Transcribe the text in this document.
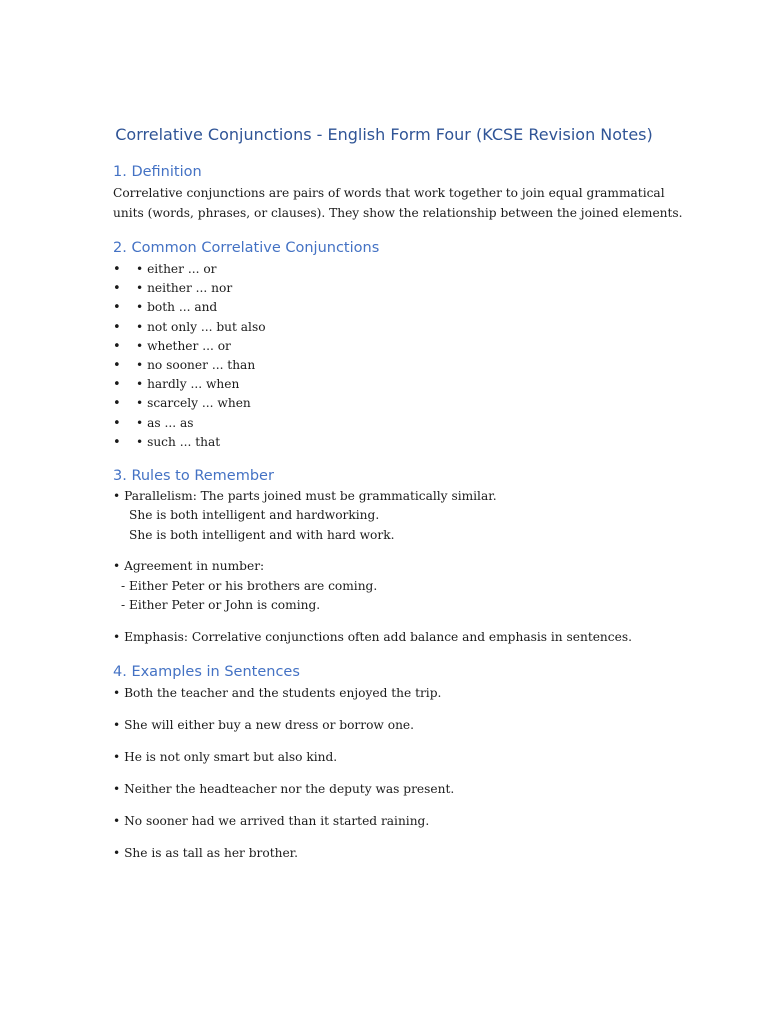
Correlative Conjunctions - English Form Four (KCSE Revision Notes)
1. Definition
Correlative conjunctions are pairs of words that work together to join equal grammatical
units (words, phrases, or clauses). They show the relationship between the joined elements.
2. Common Correlative Conjunctions
• • either ... or
• • neither ... nor
• • both ... and
• • not only ... but also
• • whether ... or
• • no sooner ... than
• • hardly ... when
• • scarcely ... when
• • as ... as
• • such ... that
3. Rules to Remember
• Parallelism: The parts joined must be grammatically similar.
She is both intelligent and hardworking.
She is both intelligent and with hard work.
• Agreement in number:
- Either Peter or his brothers are coming.
- Either Peter or John is coming.
• Emphasis: Correlative conjunctions often add balance and emphasis in sentences.
4. Examples in Sentences
• Both the teacher and the students enjoyed the trip.
• She will either buy a new dress or borrow one.
• He is not only smart but also kind.
• Neither the headteacher nor the deputy was present.
• No sooner had we arrived than it started raining.
• She is as tall as her brother.
